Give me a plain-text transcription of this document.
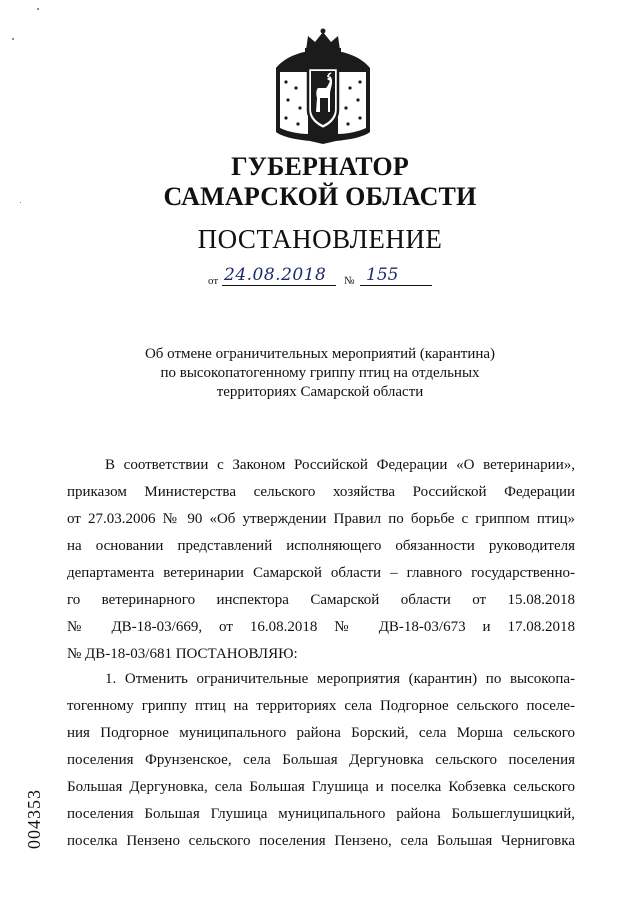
ГУБЕРНАТОР
САМАРСКОЙ ОБЛАСТИ
ПОСТАНОВЛЕНИЕ
от 24.08.2018	№ 155
Об отмене ограничительных мероприятий (карантина)
по высокопатогенному гриппу птиц на отдельных
территориях Самарской области
В соответствии с Законом Российской Федерации «О ветеринарии»,
приказом Министерства сельского хозяйства Российской Федерации
от 27.03.2006 № 90 «Об утверждении Правил по борьбе с гриппом птиц»
на основании представлений исполняющего обязанности руководителя
департамента ветеринарии Самарской области – главного государственно-
го ветеринарного инспектора Самарской области от 15.08.2018
№ ДВ-18-03/669, от 16.08.2018 № ДВ-18-03/673 и 17.08.2018
№ ДВ-18-03/681 ПОСТАНОВЛЯЮ:
1. Отменить ограничительные мероприятия (карантин) по высокопа-
тогенному гриппу птиц на территориях села Подгорное сельского поселе-
ния Подгорное муниципального района Борский, села Морша сельского
поселения Фрунзенское, села Большая Дергуновка сельского поселения
Большая Дергуновка, села Большая Глушица и поселка Кобзевка сельского
поселения Большая Глушица муниципального района Большеглушицкий,
поселка Пензено сельского поселения Пензено, села Большая Черниговка
004353
